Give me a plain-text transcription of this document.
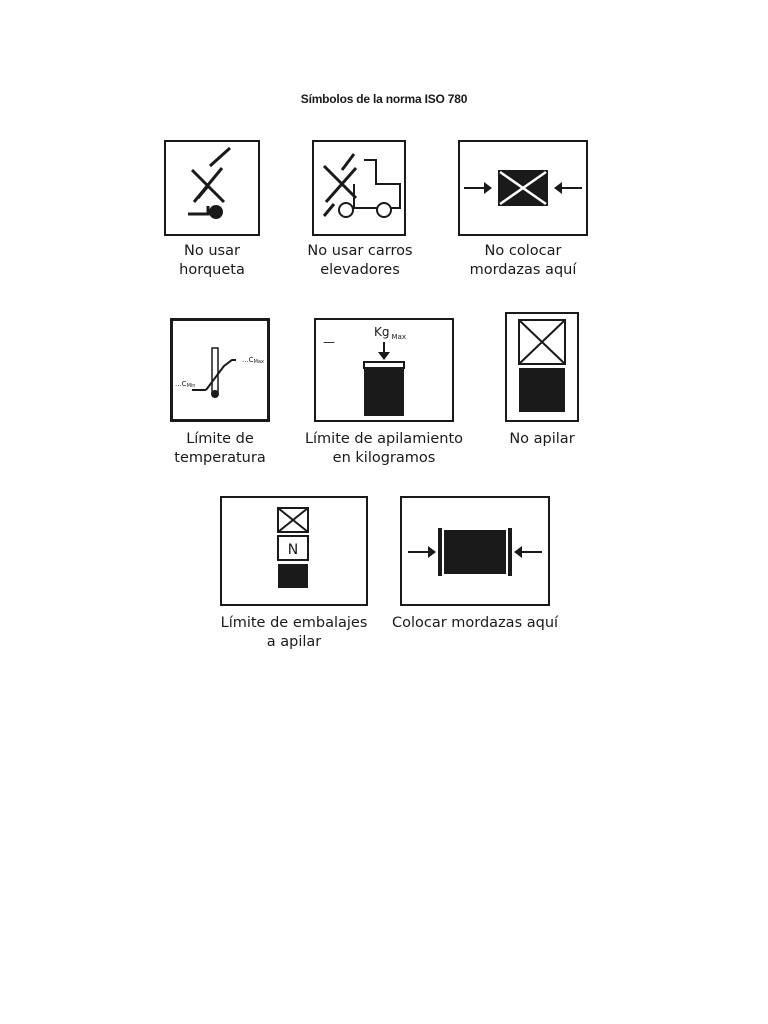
Símbolos de la norma ISO 780
No usar
horqueta
No usar carros
elevadores
No colocar
mordazas aquí
...CMax
...CMin
Límite de
temperatura
—
Kg $_{Max}$
Límite de apilamiento
en kilogramos
No apilar
N
Límite de embalajes
a apilar
Colocar mordazas aquí
